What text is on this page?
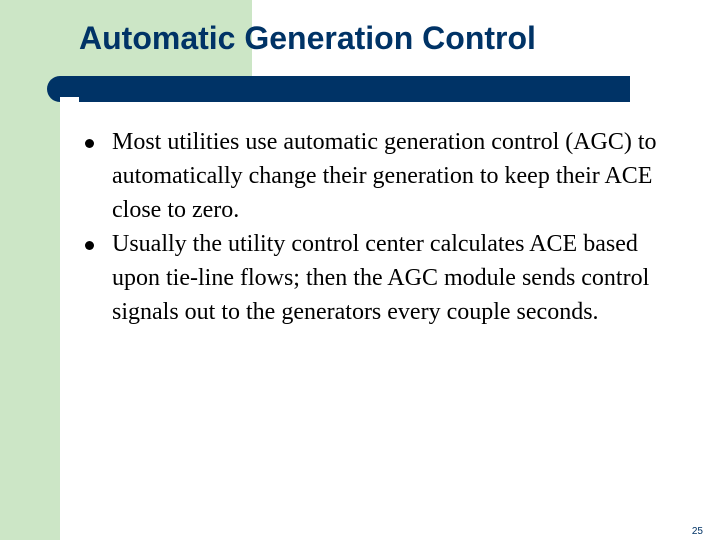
Automatic Generation Control
Most utilities use automatic generation control (AGC) to automatically change their generation to keep their ACE close to zero.
Usually the utility control center calculates ACE based upon tie-line flows; then the AGC module sends control signals out to the generators every couple seconds.
25
